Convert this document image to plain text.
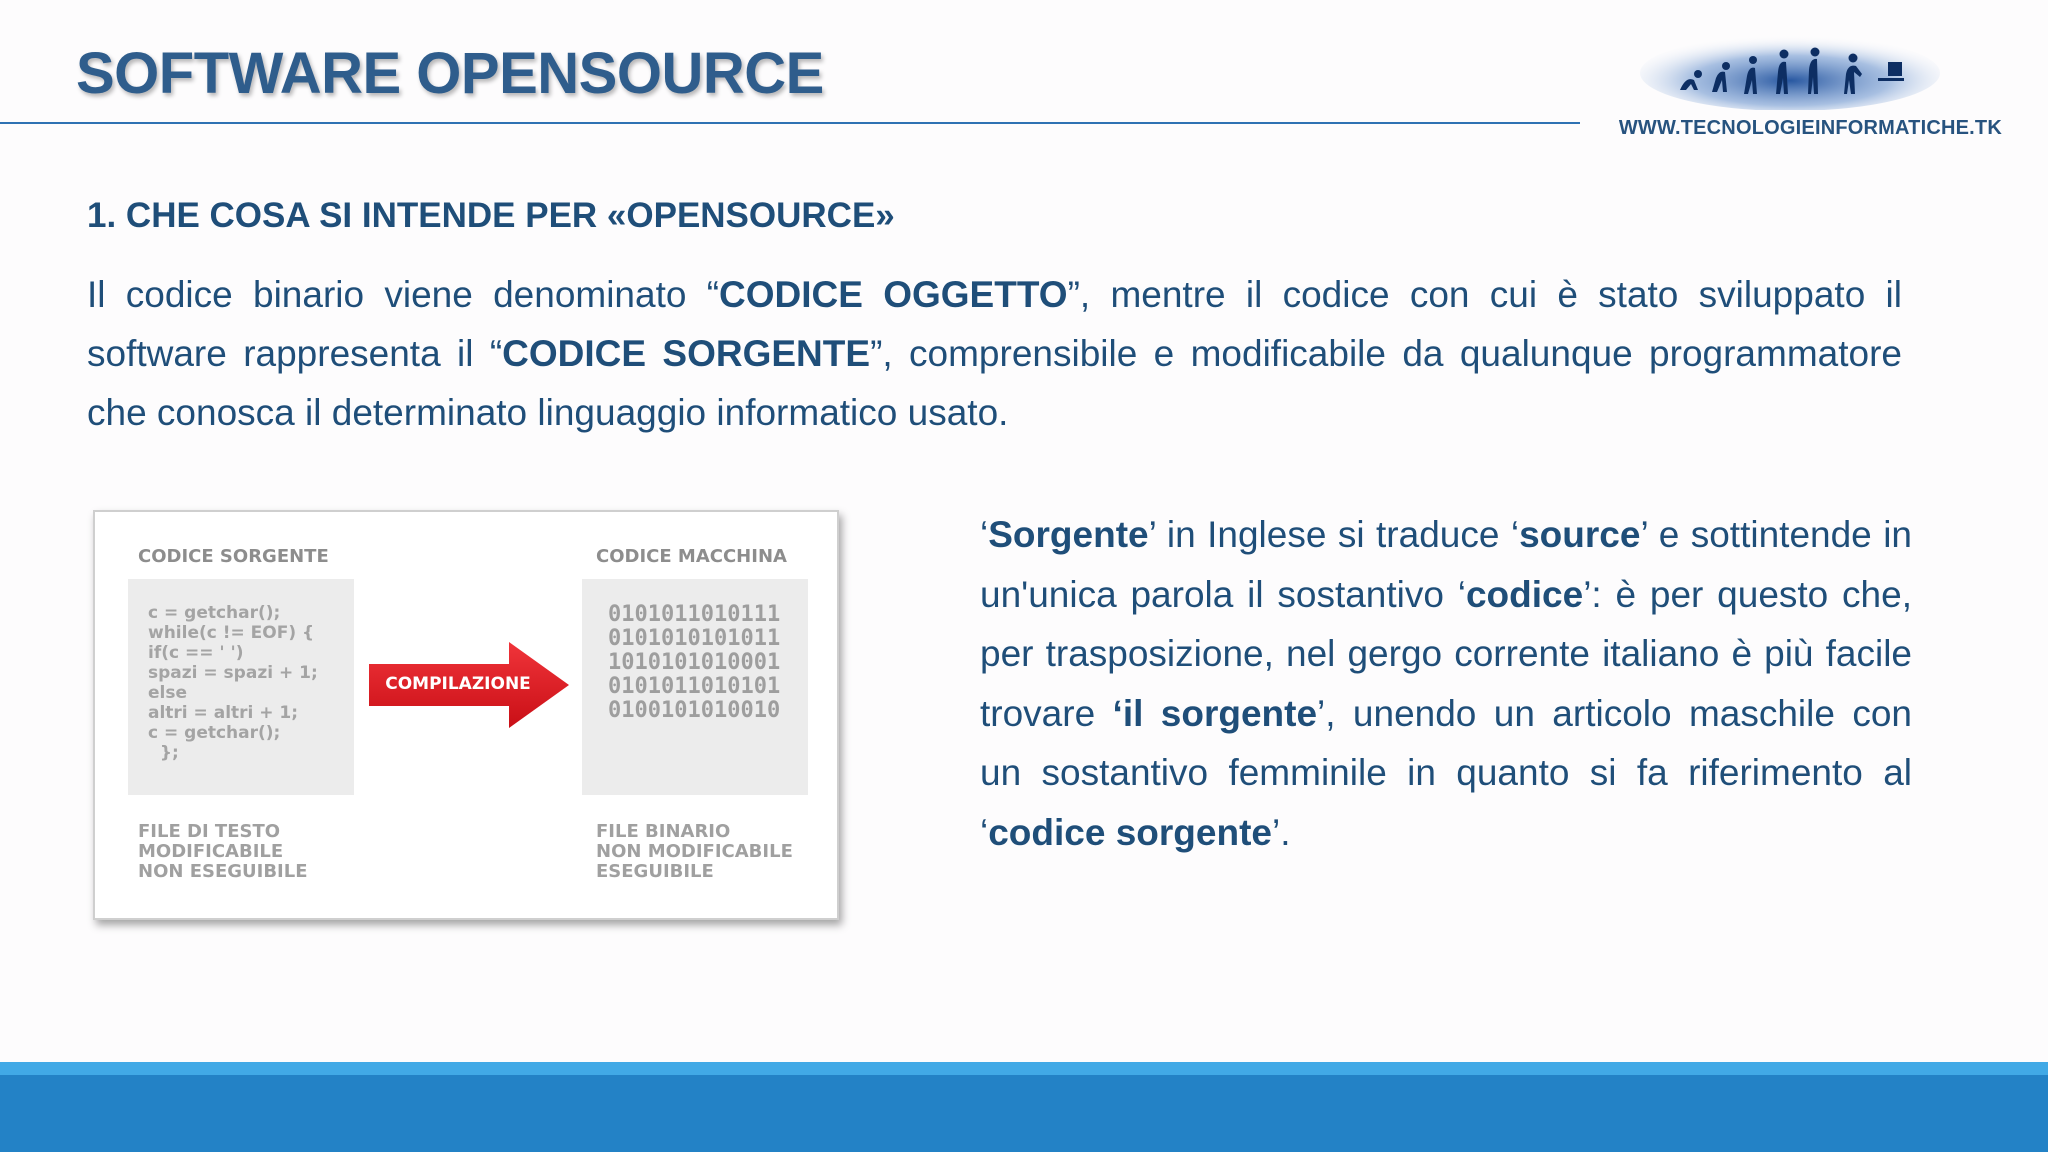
SOFTWARE OPENSOURCE
WWW.TECNOLOGIEINFORMATICHE.TK
1. CHE COSA SI INTENDE PER «OPENSOURCE»

Il codice binario viene denominato “CODICE OGGETTO”, mentre il codice con cui è stato sviluppato il software rappresenta il “CODICE SORGENTE”, comprensibile e modificabile da qualunque programmatore che conosca il determinato linguaggio informatico usato.

CODICE SORGENTE	CODICE MACCHINA
c = getchar();
while(c != EOF) {
if(c == ' ')
spazi = spazi + 1;
else
altri = altri + 1;
c = getchar();
};
0101011010111
0101010101011
1010101010001
0101011010101
0100101010010
COMPILAZIONE
FILE DI TESTO
MODIFICABILE
NON ESEGUIBILE
FILE BINARIO
NON MODIFICABILE
ESEGUIBILE

‘Sorgente’ in Inglese si traduce ‘source’ e sottintende in un'unica parola il sostantivo ‘codice’: è per questo che, per trasposizione, nel gergo corrente italiano è più facile trovare ‘il sorgente’, unendo un articolo maschile con un sostantivo femminile in quanto si fa riferimento al ‘codice sorgente’.
